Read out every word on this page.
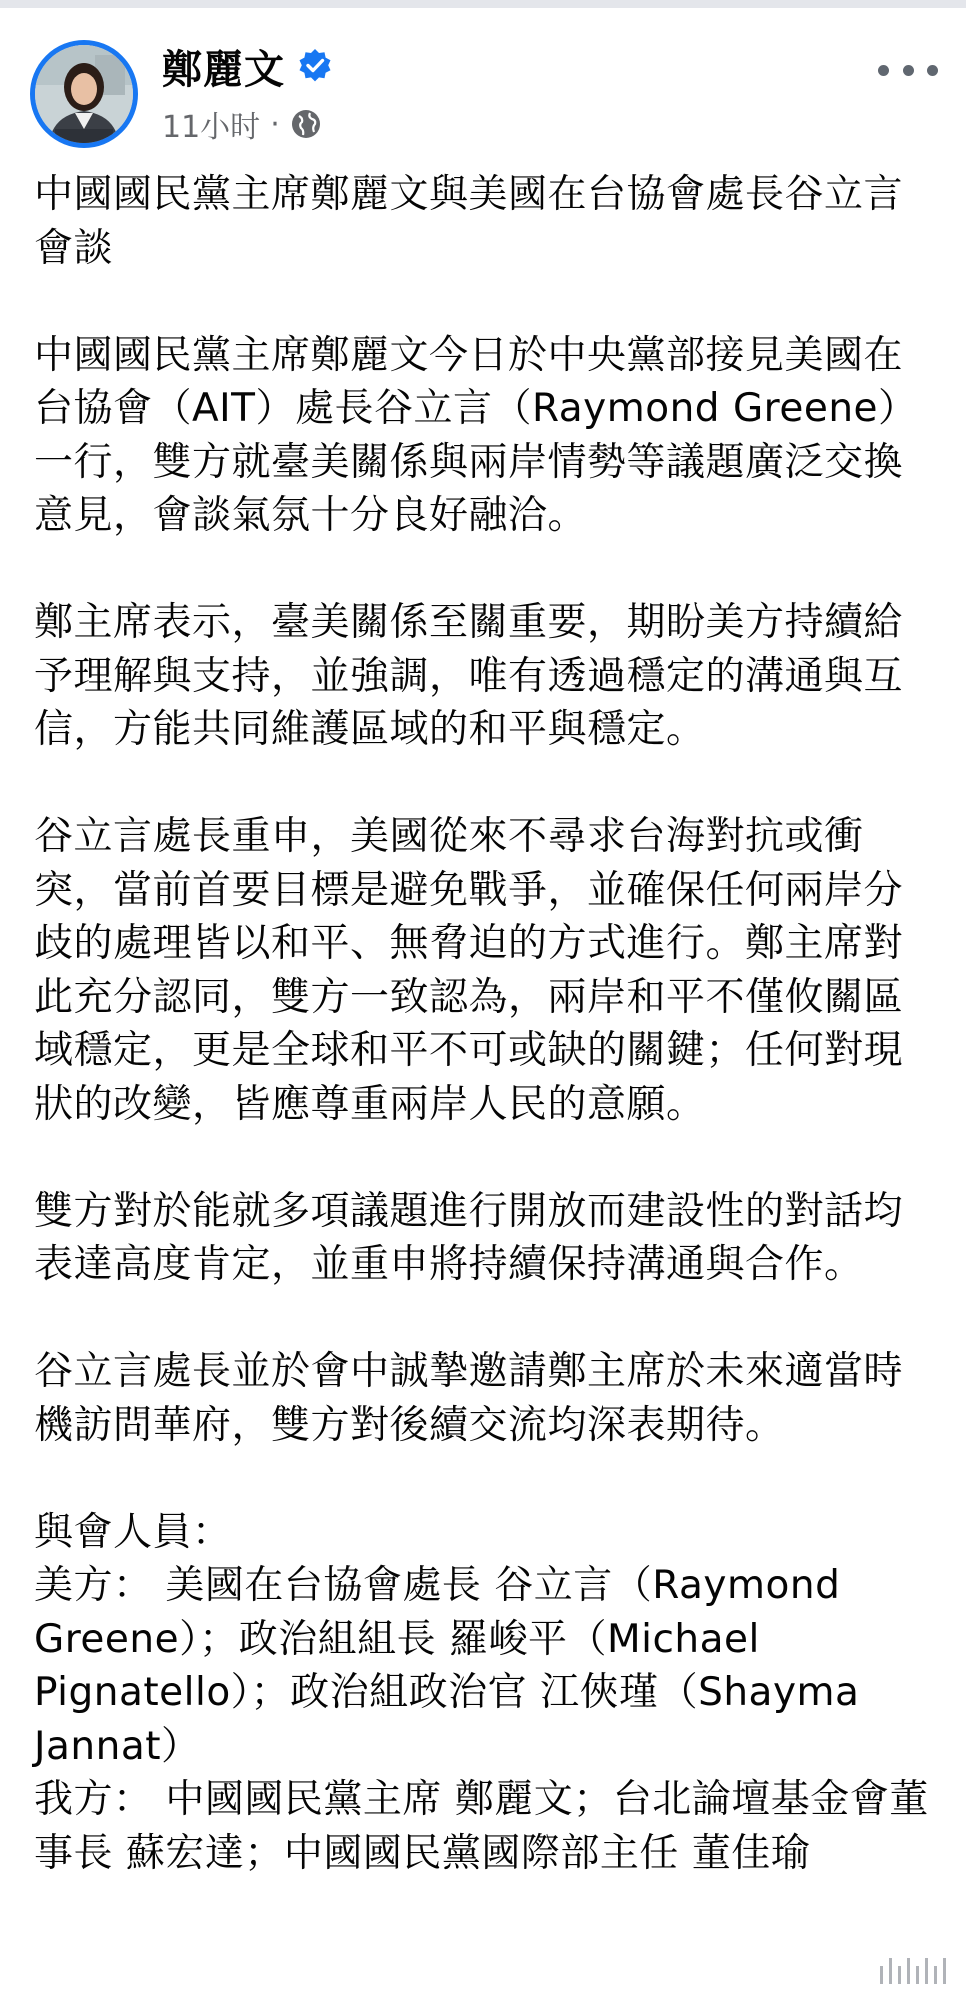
鄭麗文
11小时 ·

中國國民黨主席鄭麗文與美國在台協會處長谷立言會談

中國國民黨主席鄭麗文今日於中央黨部接見美國在台協會（AIT）處長谷立言（Raymond Greene）一行，雙方就臺美關係與兩岸情勢等議題廣泛交換意見，會談氣氛十分良好融洽。

鄭主席表示，臺美關係至關重要，期盼美方持續給予理解與支持，並強調，唯有透過穩定的溝通與互信，方能共同維護區域的和平與穩定。

谷立言處長重申，美國從來不尋求台海對抗或衝突，當前首要目標是避免戰爭，並確保任何兩岸分歧的處理皆以和平、無脅迫的方式進行。鄭主席對此充分認同，雙方一致認為，兩岸和平不僅攸關區域穩定，更是全球和平不可或缺的關鍵；任何對現狀的改變，皆應尊重兩岸人民的意願。

雙方對於能就多項議題進行開放而建設性的對話均表達高度肯定，並重申將持續保持溝通與合作。

谷立言處長並於會中誠摯邀請鄭主席於未來適當時機訪問華府，雙方對後續交流均深表期待。

與會人員：

美方： 美國在台協會處長 谷立言（Raymond Greene）；政治組組長 羅峻平（Michael Pignatello）；政治組政治官 江俠瑾（Shayma Jannat）

我方： 中國國民黨主席 鄭麗文；台北論壇基金會董事長 蘇宏達；中國國民黨國際部主任 董佳瑜
